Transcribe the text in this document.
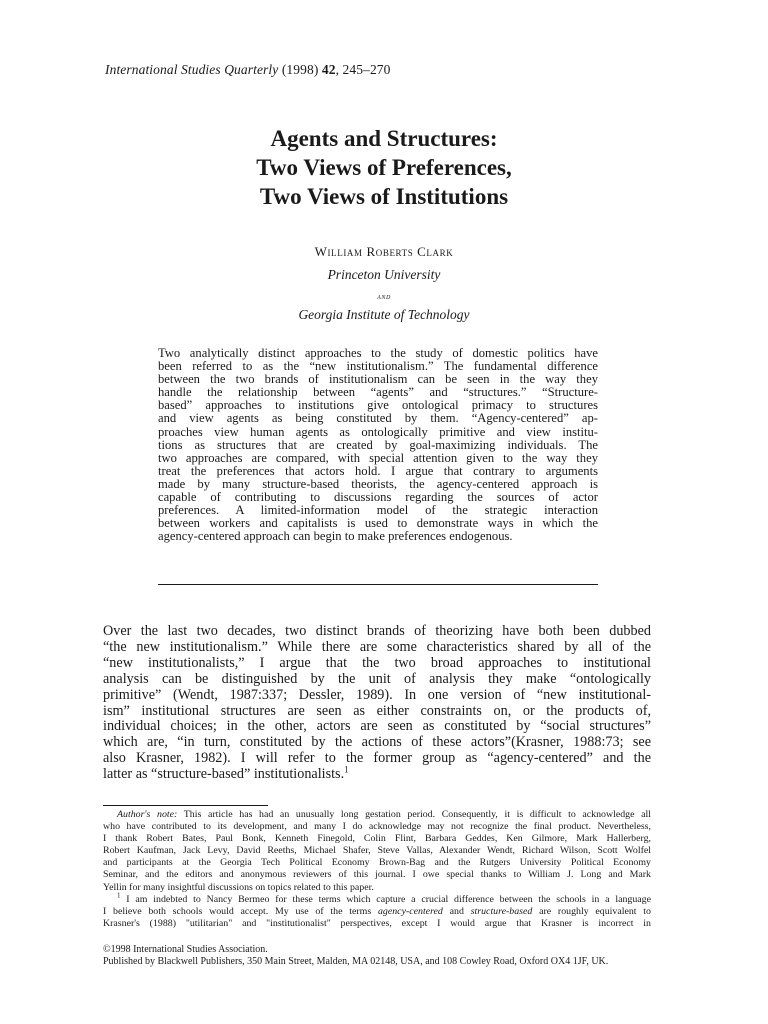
International Studies Quarterly (1998) 42, 245–270
Agents and Structures:
Two Views of Preferences,
Two Views of Institutions
William Roberts Clark
Princeton University
and
Georgia Institute of Technology
Two analytically distinct approaches to the study of domestic politics have
been referred to as the “new institutionalism.” The fundamental difference
between the two brands of institutionalism can be seen in the way they
handle the relationship between “agents” and “structures.” “Structure-
based” approaches to institutions give ontological primacy to structures
and view agents as being constituted by them. “Agency-centered” ap-
proaches view human agents as ontologically primitive and view institu-
tions as structures that are created by goal-maximizing individuals. The
two approaches are compared, with special attention given to the way they
treat the preferences that actors hold. I argue that contrary to arguments
made by many structure-based theorists, the agency-centered approach is
capable of contributing to discussions regarding the sources of actor
preferences. A limited-information model of the strategic interaction
between workers and capitalists is used to demonstrate ways in which the
agency-centered approach can begin to make preferences endogenous.
Over the last two decades, two distinct brands of theorizing have both been dubbed
“the new institutionalism.” While there are some characteristics shared by all of the
“new institutionalists,” I argue that the two broad approaches to institutional
analysis can be distinguished by the unit of analysis they make “ontologically
primitive” (Wendt, 1987:337; Dessler, 1989). In one version of “new institutional-
ism” institutional structures are seen as either constraints on, or the products of,
individual choices; in the other, actors are seen as constituted by “social structures”
which are, “in turn, constituted by the actions of these actors”(Krasner, 1988:73; see
also Krasner, 1982). I will refer to the former group as “agency-centered” and the
latter as “structure-based” institutionalists.$^1$
Author's note: This article has had an unusually long gestation period. Consequently, it is difficult to acknowledge all
who have contributed to its development, and many I do acknowledge may not recognize the final product. Nevertheless,
I thank Robert Bates, Paul Bonk, Kenneth Finegold, Colin Flint, Barbara Geddes, Ken Gilmore, Mark Hallerberg,
Robert Kaufman, Jack Levy, David Reeths, Michael Shafer, Steve Vallas, Alexander Wendt, Richard Wilson, Scott Wolfel
and participants at the Georgia Tech Political Economy Brown-Bag and the Rutgers University Political Economy
Seminar, and the editors and anonymous reviewers of this journal. I owe special thanks to William J. Long and Mark
Yellin for many insightful discussions on topics related to this paper.
$^1$ I am indebted to Nancy Bermeo for these terms which capture a crucial difference between the schools in a language
I believe both schools would accept. My use of the terms agency-centered and structure-based are roughly equivalent to
Krasner's (1988) "utilitarian" and "institutionalist" perspectives, except I would argue that Krasner is incorrect in
©1998 International Studies Association.
Published by Blackwell Publishers, 350 Main Street, Malden, MA 02148, USA, and 108 Cowley Road, Oxford OX4 1JF, UK.
